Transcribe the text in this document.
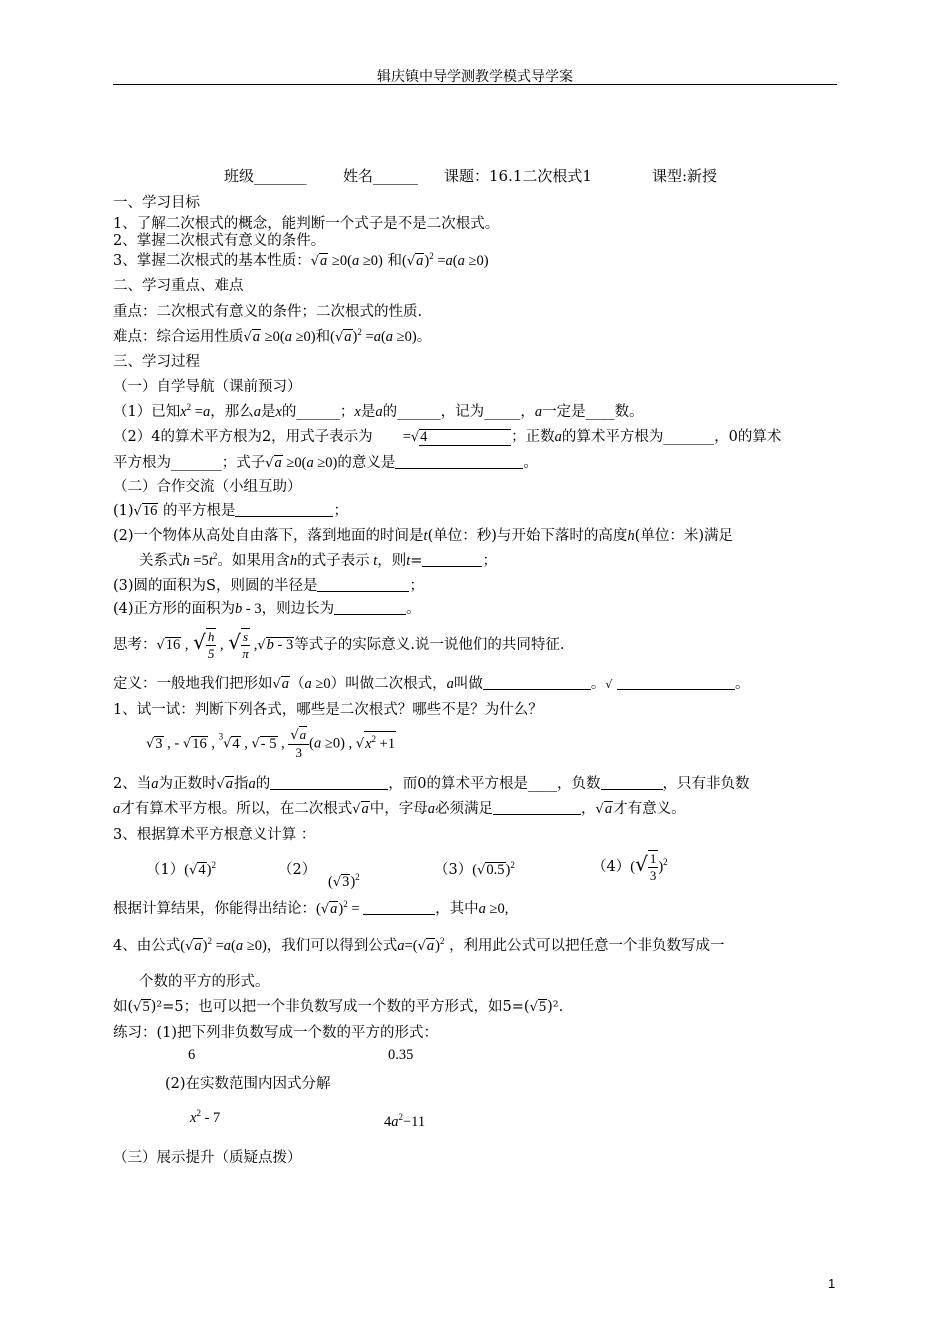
辑庆镇中导学测教学模式导学案
班级_______ 姓名______ 课题：16.1二次根式1	课型:新授
一、学习目标
1、了解二次根式的概念，能判断一个式子是不是二次根式。
2、掌握二次根式有意义的条件。
3、掌握二次根式的基本性质：√a ≥0(a ≥0) 和$(√a)^2 =a(a \ge 0)$
二、学习重点、难点
重点：二次根式有意义的条件；二次根式的性质.
难点：综合运用性质√a ≥0(a ≥0)和$(√a)^2 =a(a \ge 0)$。
三、学习过程
（一）自学导航（课前预习）
（1）已知$x^2 =a$，那么a是x的______；x是a的______，记为_____，a一定是____数。
（2）4的算术平方根为2，用式子表示为 =√4	；正数a的算术平方根为_______，0的算术
平方根为_______；式子√a ≥0(a ≥0)的意义是	。
（二）合作交流（小组互助）
(1)√16 的平方根是	；
(2)一个物体从高处自由落下，落到地面的时间是t(单位：秒)与开始下落时的高度h(单位：米)满足
关系式$h =5t^2$。如果用含h的式子表示 t，则t=	；
(3)圆的面积为S，则圆的半径是	；
(4)正方形的面积为b - 3，则边长为	。
思考：√16 , √ $\frac{h}{5}$ , √ $\frac{s}{\pi} ,√b - 3$等式子的实际意义.说一说他们的共同特征.
定义：一般地我们把形如√a（a ≥0）叫做二次根式，a叫做	。√	。
1、试一试：判断下列各式，哪些是二次根式？哪些不是？为什么？
√3 , - √16 , $^3$√4 , √- 5 , $\frac{√a}{3} (a \ge 0)$ , $√x^2 +1$
2、当a为正数时√a指a的	，而0的算术平方根是____，负数	，只有非负数
a才有算术平方根。所以，在二次根式√a中，字母a必须满足	，√a才有意义。
3、根据算术平方根意义计算 ：
$(1)(√4)^2$	（2）
$(√3)^2$	$(3)(√0.5)^2$	$(4)(√ \frac{1}{3} )^2$
根据计算结果，你能得出结论：$(√a)^2$ =	，其中a ≥0,
4、由公式$(√a)^2 =a(a \ge 0)$，我们可以得到公式$a=(√a)^2$ ，利用此公式可以把任意一个非负数写成一
个数的平方的形式。
如(√5)²=5；也可以把一个非负数写成一个数的平方形式，如5=(√5)².
练习：(1)把下列非负数写成一个数的平方的形式：
6	0.35
(2)在实数范围内因式分解
$x^2 - 7$	$4a^2-11$
（三）展示提升（质疑点拨）
1
